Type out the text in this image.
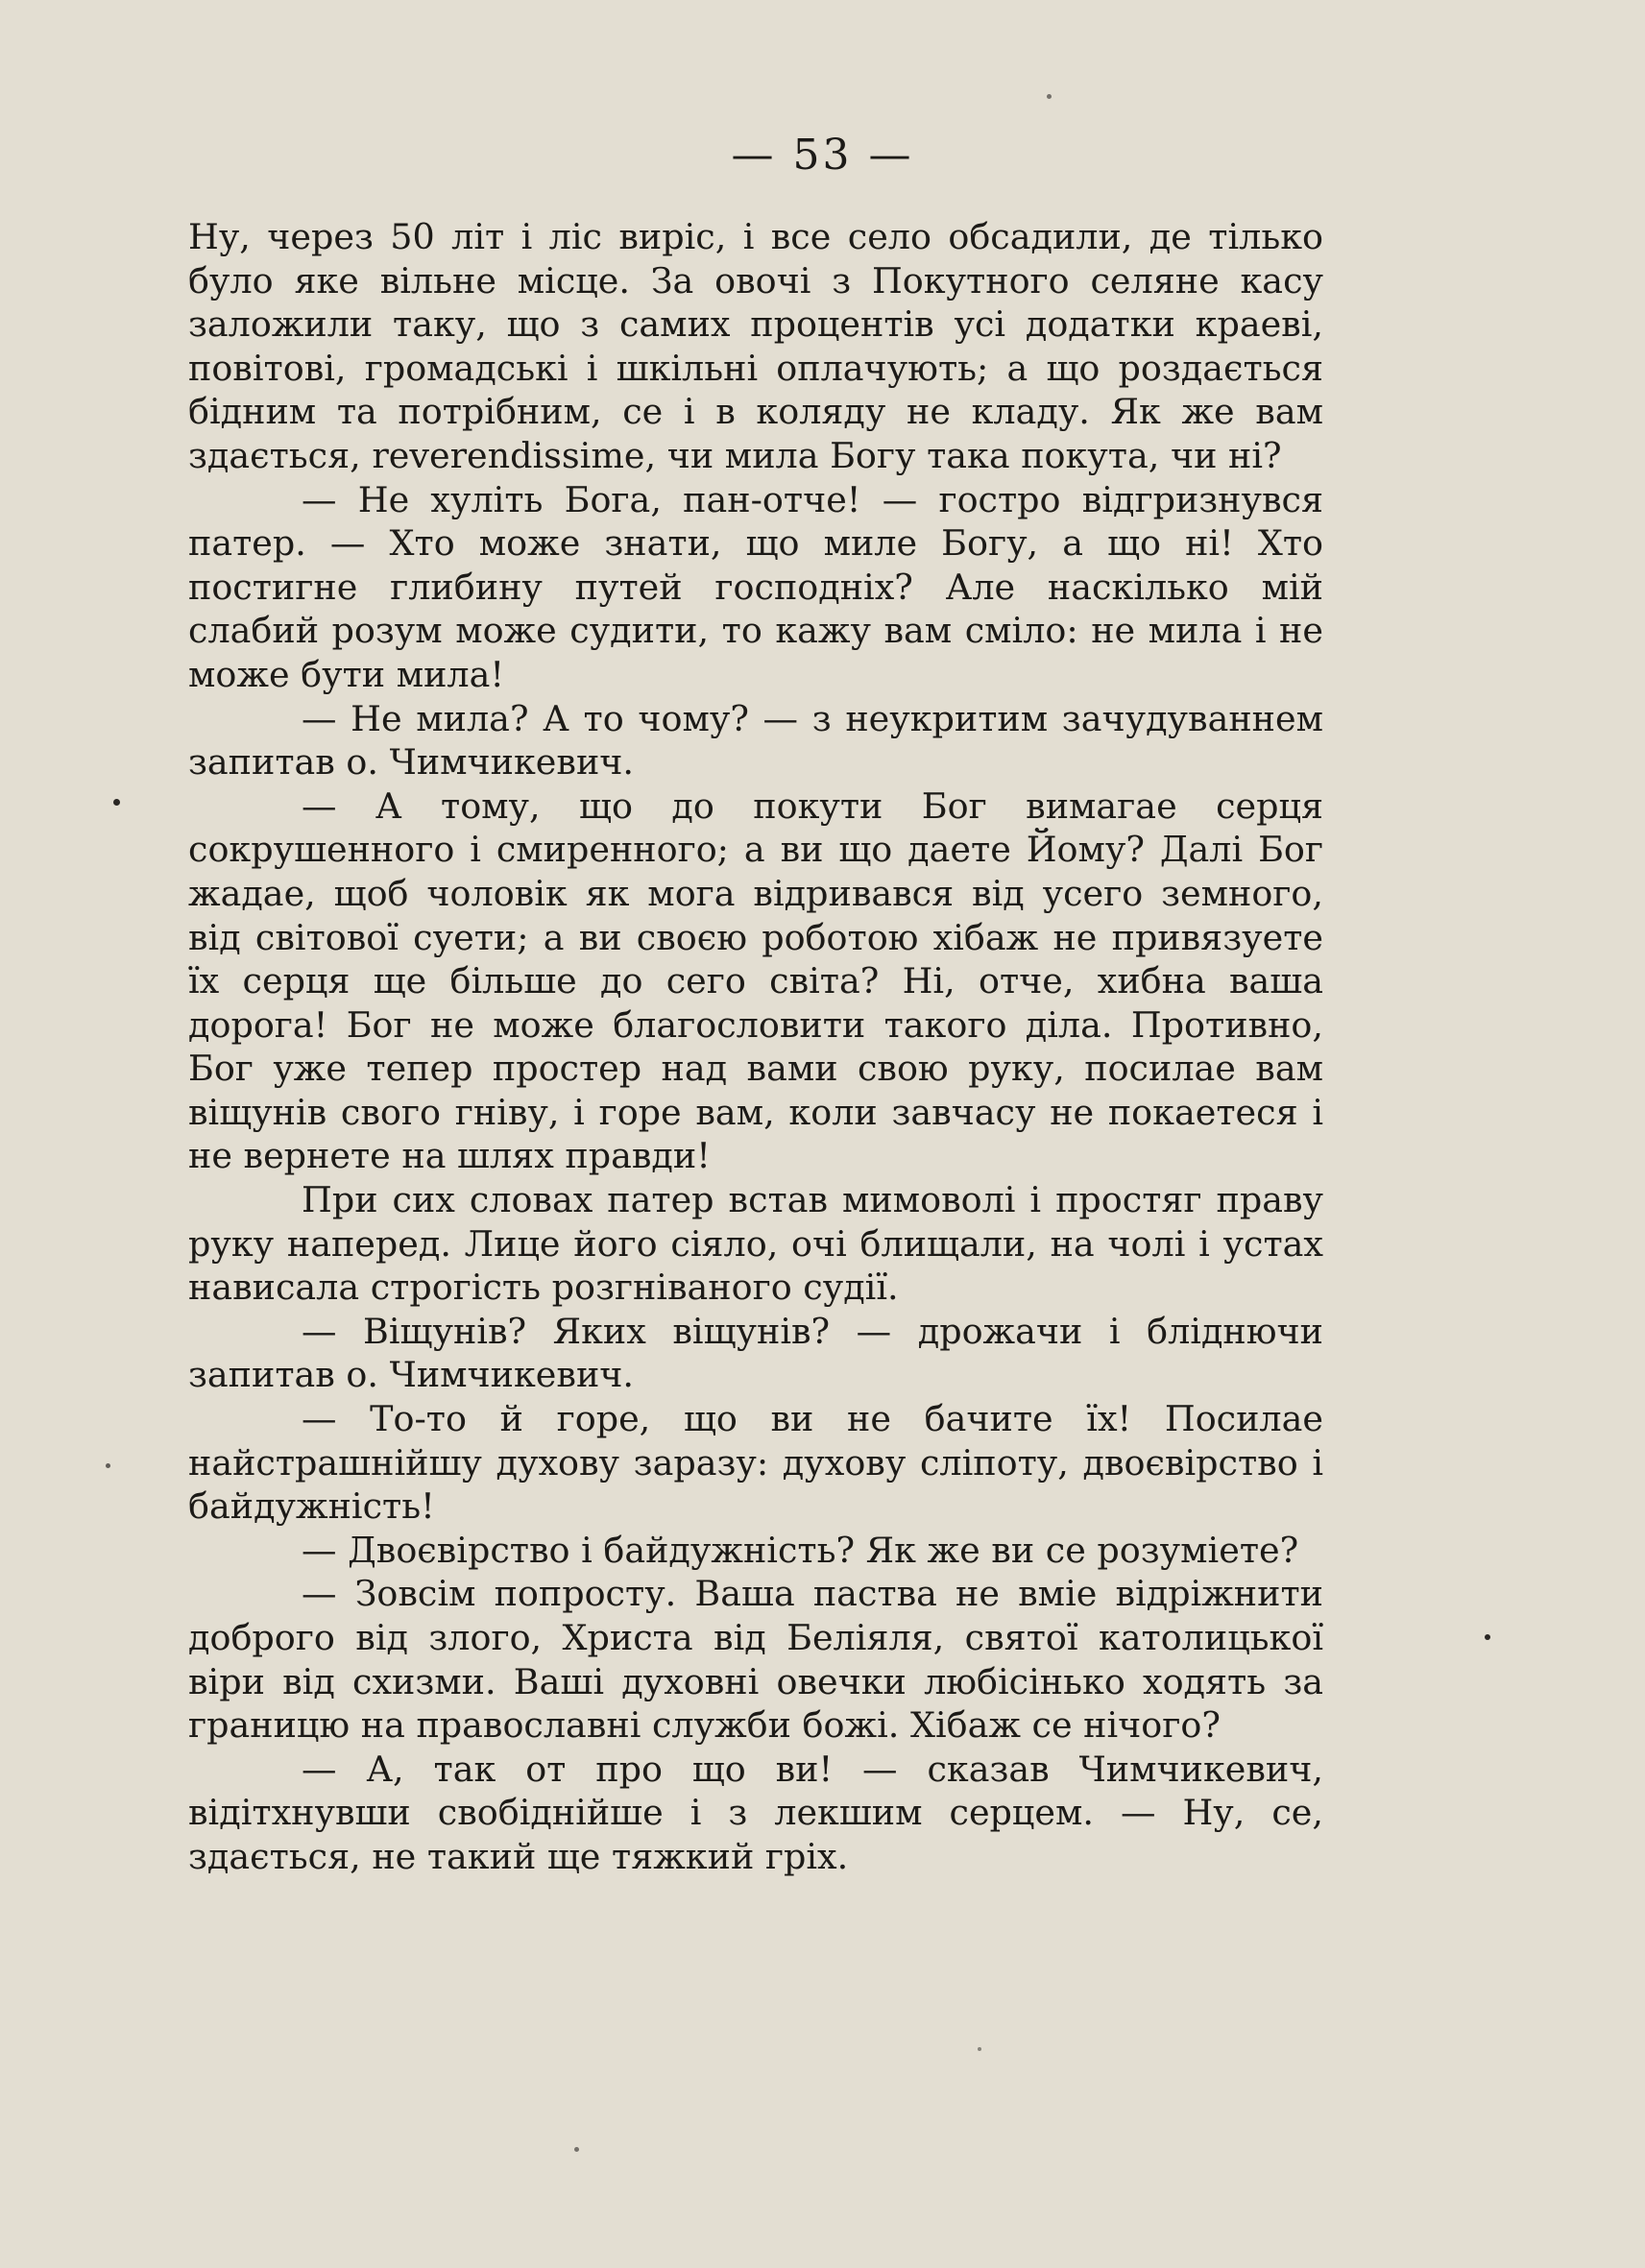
— 53 —

Ну, через 50 літ і ліс виріс, і все село обсадили, де тілько було яке вільне місце. За овочі з Покутного селяне касу заложили таку, що з самих процентів усі додатки краеві, повітові, громадські і шкільні оплачують; а що роздається бідним та потрібним, се і в коляду не кладу. Як же вам здається, reverendissime, чи мила Богу така покута, чи ні?

— Не хуліть Бога, пан-отче! — гостро відгризнувся патер. — Хто може знати, що миле Богу, а що ні! Хто постигне глибину путей господніх? Але наскілько мій слабий розум може судити, то кажу вам сміло: не мила і не може бути мила!

— Не мила? А то чому? — з неукритим зачудуваннем запитав о. Чимчикевич.

— А тому, що до покути Бог вимагае серця сокрушенного і смиренного; а ви що даете Йому? Далі Бог жадае, щоб чоловік як мога відривався від усего земного, від світової суети; а ви своєю роботою хібаж не привязуете їх серця ще більше до сего світа? Ні, отче, хибна ваша дорога! Бог не може благословити такого діла. Противно, Бог уже тепер простер над вами свою руку, посилае вам віщунів свого гніву, і горе вам, коли завчасу не покаетеся і не вернете на шлях правди!

При сих словах патер встав мимоволі і простяг праву руку наперед. Лице його сіяло, очі блищали, на чолі і устах нависала строгість розгніваного судії.

— Віщунів? Яких віщунів? — дрожачи і бліднючи запитав о. Чимчикевич.

— То-то й горе, що ви не бачите їх! Посилае найстрашнійшу духову заразу: духову сліпоту, двоєвірство і байдужність!

— Двоєвірство і байдужність? Як же ви се розуміете?

— Зовсім попросту. Ваша паства не вміе відріжнити доброго від злого, Христа від Беліяля, святої католицької віри від схизми. Ваші духовні овечки любісінько ходять за границю на православні служби божі. Хібаж се нічого?

— А, так от про що ви! — сказав Чимчикевич, відітхнувши свобіднійше і з лекшим серцем. — Ну, се, здається, не такий ще тяжкий гріх.
